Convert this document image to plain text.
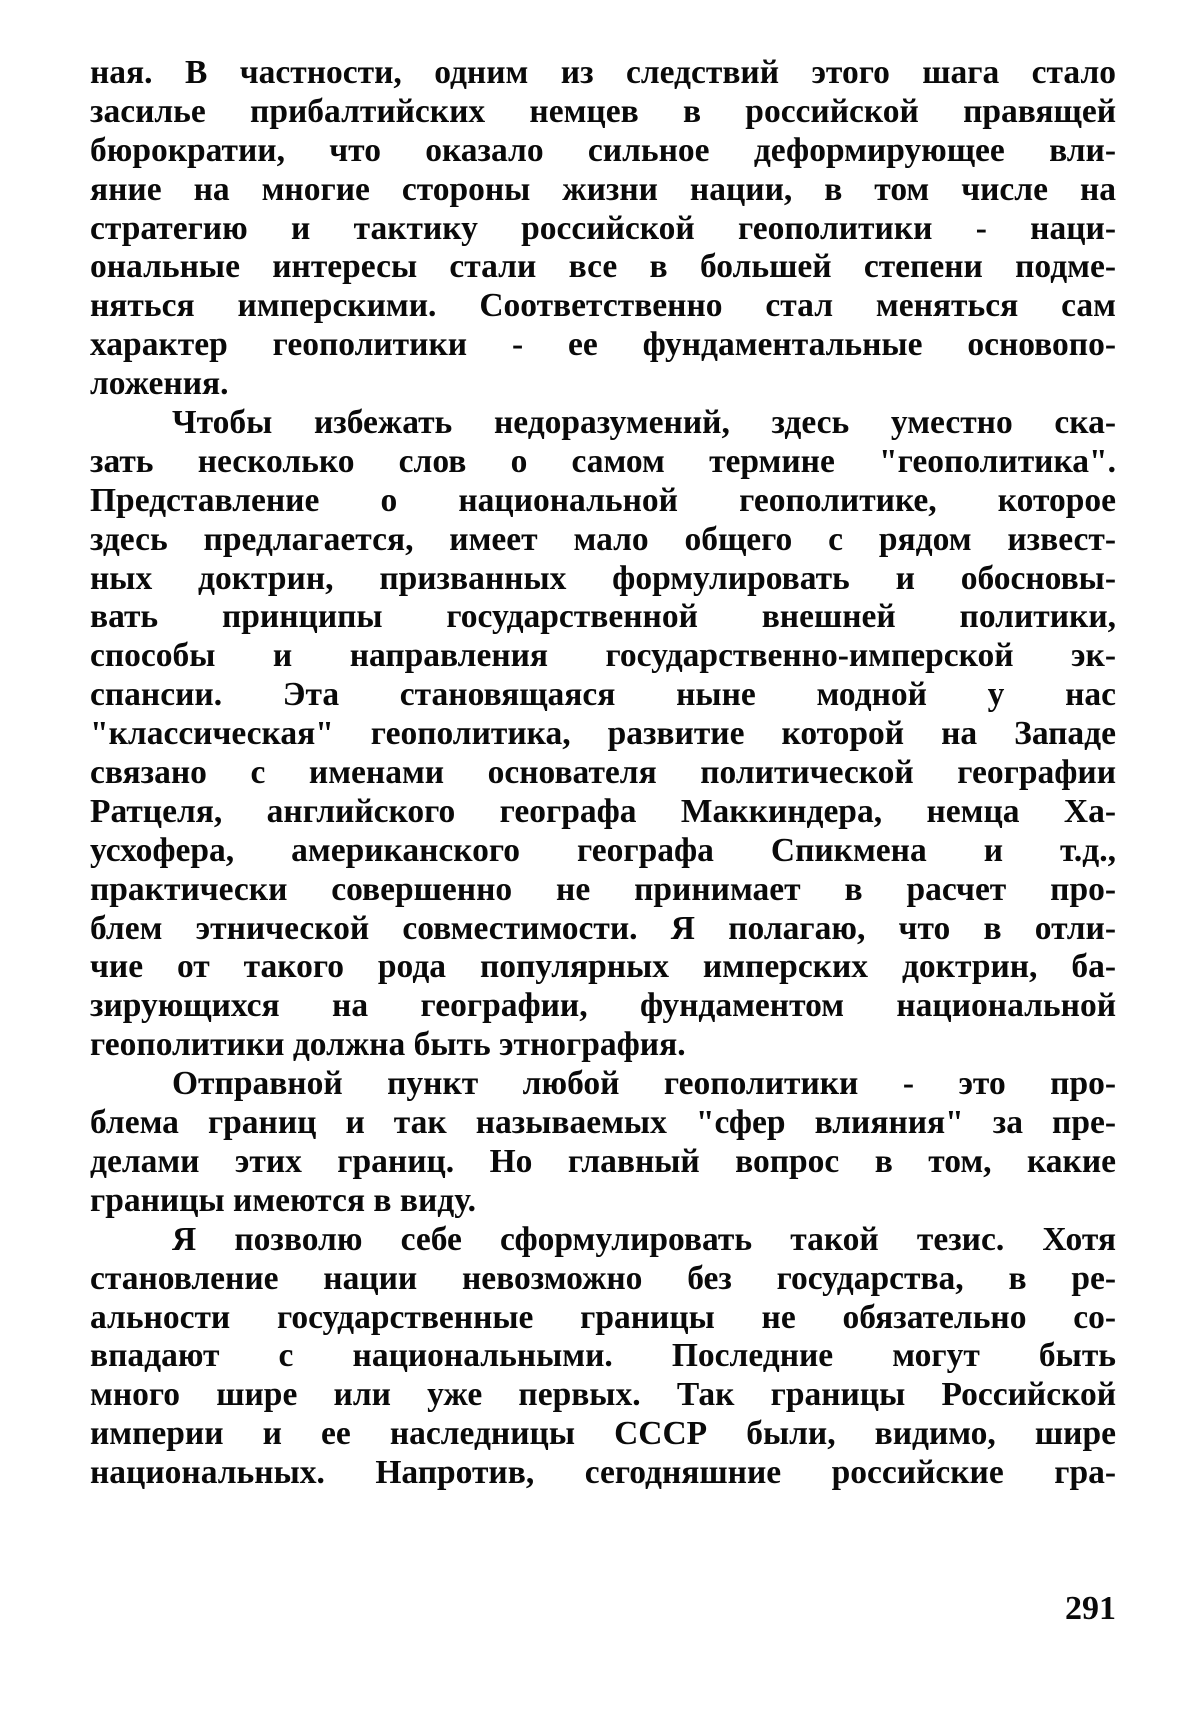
ная. В частности, одним из следствий этого шага стало
засилье прибалтийских немцев в российской правящей
бюрократии, что оказало сильное деформирующее вли-
яние на многие стороны жизни нации, в том числе на
стратегию и тактику российской геополитики - наци-
ональные интересы стали все в большей степени подме-
няться имперскими. Соответственно стал меняться сам
характер геополитики - ее фундаментальные основопо-
ложения.
Чтобы избежать недоразумений, здесь уместно ска-
зать несколько слов о самом термине "геополитика".
Представление о национальной геополитике, которое
здесь предлагается, имеет мало общего с рядом извест-
ных доктрин, призванных формулировать и обосновы-
вать принципы государственной внешней политики,
способы и направления государственно-имперской эк-
спансии. Эта становящаяся ныне модной у нас
"классическая" геополитика, развитие которой на Западе
связано с именами основателя политической географии
Ратцеля, английского географа Маккиндера, немца Ха-
усхофера, американского географа Спикмена и т.д.,
практически совершенно не принимает в расчет про-
блем этнической совместимости. Я полагаю, что в отли-
чие от такого рода популярных имперских доктрин, ба-
зирующихся на географии, фундаментом национальной
геополитики должна быть этнография.
Отправной пункт любой геополитики - это про-
блема границ и так называемых "сфер влияния" за пре-
делами этих границ. Но главный вопрос в том, какие
границы имеются в виду.
Я позволю себе сформулировать такой тезис. Хотя
становление нации невозможно без государства, в ре-
альности государственные границы не обязательно со-
впадают с национальными. Последние могут быть
много шире или уже первых. Так границы Российской
империи и ее наследницы СССР были, видимо, шире
национальных. Напротив, сегодняшние российские гра-
291
